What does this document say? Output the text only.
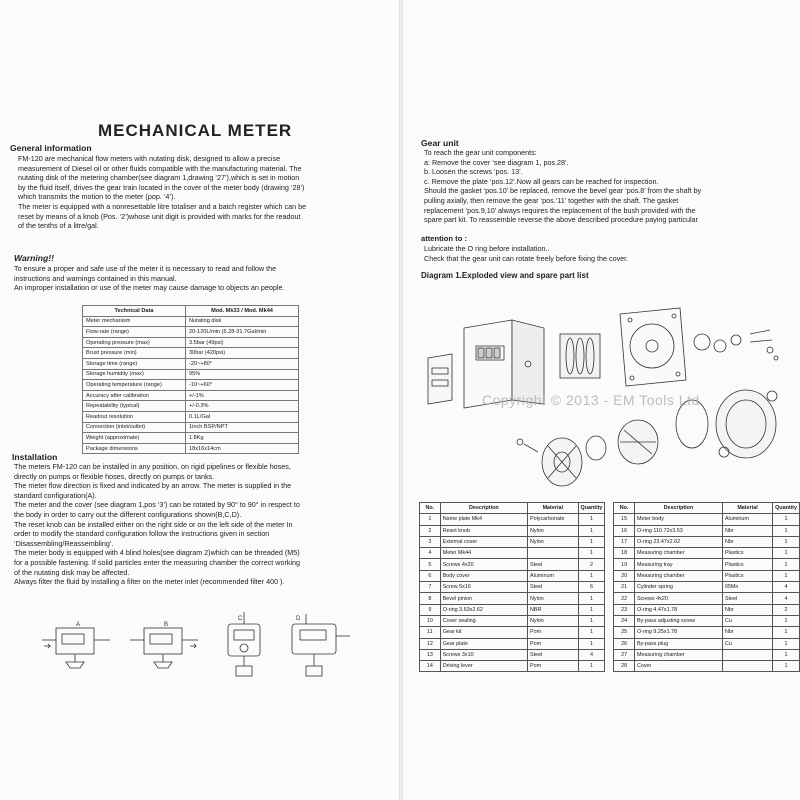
MECHANICAL METER
General information
FM-120 are mechanical flow meters with nutating disk, designed to allow a precise
measurement of Diesel oil or other fluids compatible with the manufacturing material. The
nutating disk of the metering chamber(see diagram 1,drawing ‘27’),which is set in motion
by the fluid itself, drives the gear train located in the cover of the meter body (drawing ‘28’)
which transmits the motion to the meter (pop. ‘4’).
The meter is equipped with a nonresettable litre totaliser and a batch register which can be
reset by means of a knob (Pos. ‘2’)whose unit digit is provided with marks for the readout
of the tenths of a litre/gal.
Warning!!
To ensure a proper and safe use of the meter it is necessary to read and follow the
instructions and warnings contained in this manual.
An improper installation or use of the meter may cause damage to objects an people.
Technical Data	Mod. Mk33 / Mod. Mk44
Meter mechanism	Nutating disk
Flow-rate (range)	20-120L/min (5.28-31.7Gal/min
Operating pressure (max)	3.5bar (49psi)
Brust pressure (min)	30bar (420psi)
Storage time (range)	-20~+80°
Storage humidity (max)	95%
Operating temperature (range)	-10~+60°
Accuracy after calibration	+/-1%
Repeatability (typical)	+/-0.3%
Readout resolution	0.1L/Gal
Connection (inlet/outlet)	1inch BSP/NPT
Weight (approximate)	1.8Kg
Package dimensions	18x16x14cm
Installation
The meters FM-120 can be installed in any position, on rigid pipelines or flexible hoses,
directly on pumps or flexible hoses, directly on pumps or tanks.
The meter flow direction is fixed and indicated by an arrow. The meter is supplied in the
standard configuration(A).
The meter and the cover (see diagram 1,pos ‘3’) can be rotated by 90° to 90° in respect to
the body in order to carry out the different configurations shown(B,C,D).
The reset knob can be installed either on the right side or on the left side of the meter In
order to modify the standard configuration follow the instructions given in section
‘Disassembling/Reassembling’.
The meter body is equipped with 4 blind holes(see diagram 2)which can be threaded (M5)
for a possible fastening. If solid particles enter the measuring chamber the correct working
of the nutating disk may be affected.
Always filter the fluid by installing a filter on the meter inlet (recommended filter 400 ).
A	B
C	D
Gear unit
To reach the gear unit components:
a: Remove the cover ‘see diagram 1, pos.28’.
b. Loosen the screws ‘pos. 13’.
c. Remove the plate ‘pos.12’.Now all gears can be reached for inspection.
Should the gasket ‘pos.10’ be replaced, remove the bevel gear ‘pos.8’ from the shaft by
pulling axially, then remove the gear ‘pos.’11’ together with the shaft. The gasket
replacement ‘pos.9,10’ always requires the replacement of the bush provided with the
spare part kit. To reassemble reverse the above described procedure paying particular
attention to :
Lubricate the O ring before installation..
Check that the gear unit can rotate freely before fixing the cover.
Diagram 1.Exploded view and spare part list
Copyright © 2013 - EM Tools Ltd
No.	Description	Material	Quantity		No.	Description	Material	Quantity
1	Name plate Mk4	Polycarbonate	1		15	Meter body	Aluminum	1
2	Reset knob	Nylon	1		16	O-ring 110.72x3.53	Nbr	1
3	External cover	Nylon	1		17	O-ring 23.47x2.62	Nbr	1
4	Meter Mk44		1		18	Measuring chamber	Plastics	1
5	Screws 4x20	Steel	2		19	Measuring tray	Plastics	1
6	Body cover	Aluminum	1		20	Measuring chamber	Plastics	1
7	Screw 5x16	Steel	6		21	Cylinder spring	65Mn	4
8	Bevel pinion	Nylon	1		22	Screws 4x20	Steel	4
9	O-ring 3.63x2.62	NBR	1		23	O-ring 4.47x1.78	Nbr	2
10	Cover sealing	Nylon	1		24	By-pass adjusting screw	Cu	1
11	Gear kit	Pom	1		25	O-ring 9.25x1.78	Nbr	1
12	Gear plate	Pom	1		26	By-pass plug	Cu	1
13	Screws 3x10	Steel	4		27	Measuring chamber		1
14	Driving lever	Pom	1		28	Cover		1
